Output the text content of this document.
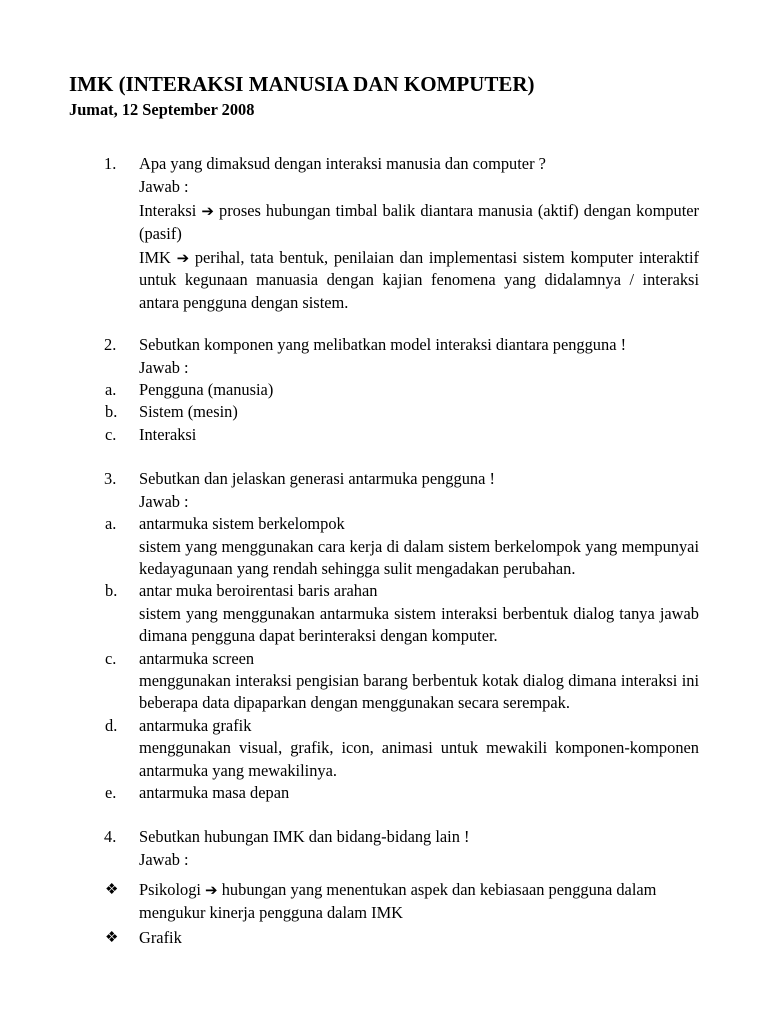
IMK (INTERAKSI MANUSIA DAN KOMPUTER)

Jumat, 12 September 2008

1. Apa yang dimaksud dengan interaksi manusia dan computer ?

Jawab :

Interaksi ➔ proses hubungan timbal balik diantara manusia (aktif) dengan komputer (pasif)

IMK ➔ perihal, tata bentuk, penilaian dan implementasi sistem komputer interaktif untuk kegunaan manuasia dengan kajian fenomena yang didalamnya / interaksi antara pengguna dengan sistem.

2. Sebutkan komponen yang melibatkan model interaksi diantara pengguna !

Jawab :

a. Pengguna (manusia)

b. Sistem (mesin)

c. Interaksi

3. Sebutkan dan jelaskan generasi antarmuka pengguna !

Jawab :

a. antarmuka sistem berkelompok

sistem yang menggunakan cara kerja di dalam sistem berkelompok yang mempunyai kedayagunaan yang rendah sehingga sulit mengadakan perubahan.

b. antar muka beroirentasi baris arahan

sistem yang menggunakan antarmuka sistem interaksi berbentuk dialog tanya jawab dimana pengguna dapat berinteraksi dengan komputer.

c. antarmuka screen

menggunakan interaksi pengisian barang berbentuk kotak dialog dimana interaksi ini beberapa data dipaparkan dengan menggunakan secara serempak.

d. antarmuka grafik

menggunakan visual, grafik, icon, animasi untuk mewakili komponen-komponen antarmuka yang mewakilinya.

e. antarmuka masa depan

4. Sebutkan hubungan IMK dan bidang-bidang lain !

Jawab :

❖ Psikologi ➔ hubungan yang menentukan aspek dan kebiasaan pengguna dalam mengukur kinerja pengguna dalam IMK

❖ Grafik
